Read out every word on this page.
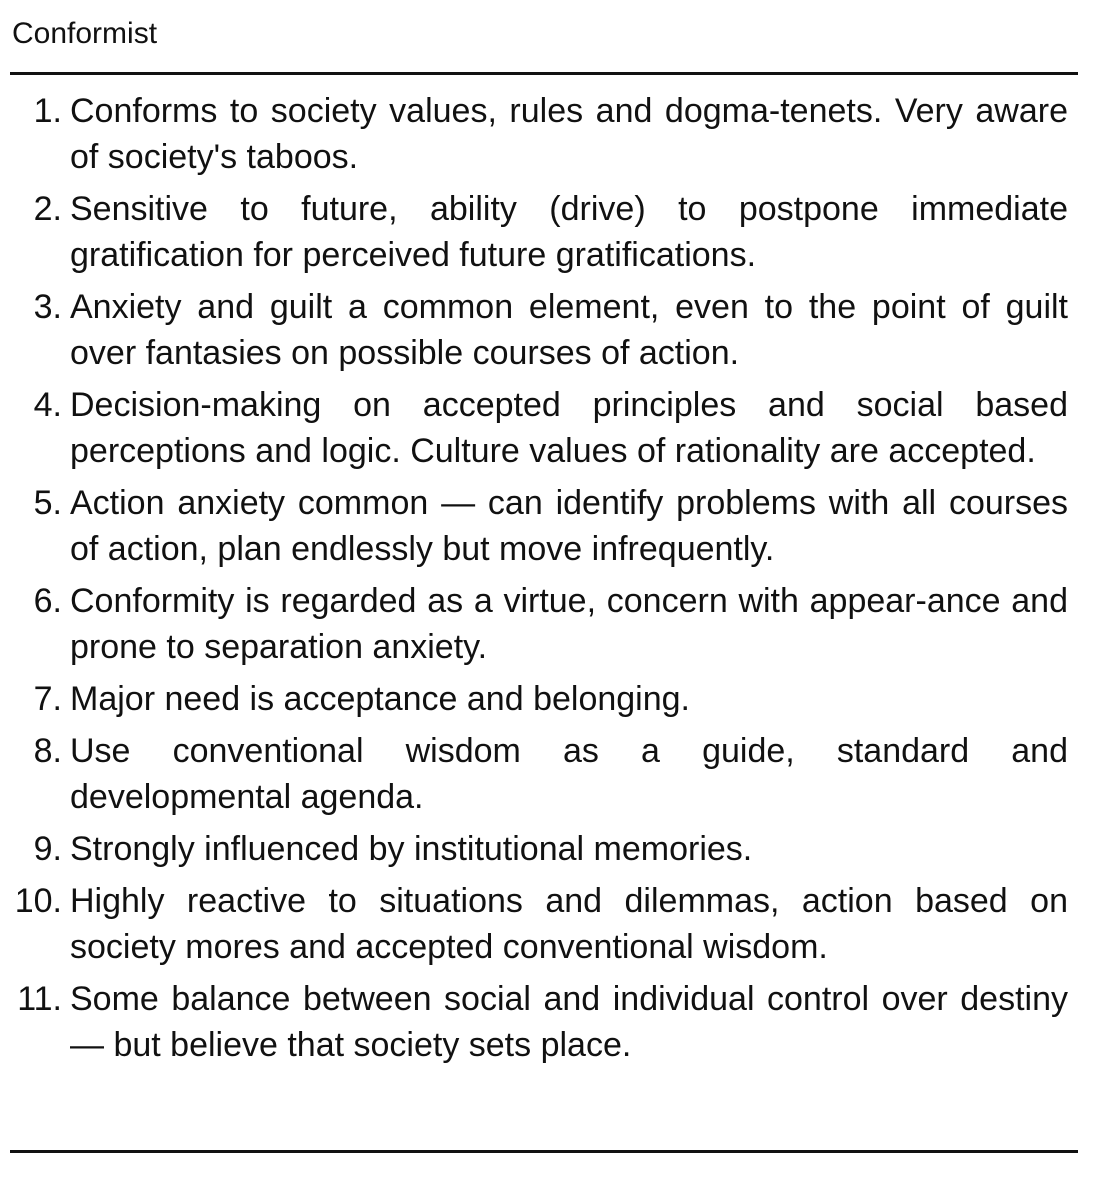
Conformist
1. Conforms to society values, rules and dogma-tenets. Very aware of society's taboos.
2. Sensitive to future, ability (drive) to postpone immediate gratification for perceived future gratifications.
3. Anxiety and guilt a common element, even to the point of guilt over fantasies on possible courses of action.
4. Decision-making on accepted principles and social based perceptions and logic. Culture values of rationality are accepted.
5. Action anxiety common — can identify problems with all courses of action, plan endlessly but move infrequently.
6. Conformity is regarded as a virtue, concern with appear-ance and prone to separation anxiety.
7. Major need is acceptance and belonging.
8. Use conventional wisdom as a guide, standard and developmental agenda.
9. Strongly influenced by institutional memories.
10. Highly reactive to situations and dilemmas, action based on society mores and accepted conventional wisdom.
11. Some balance between social and individual control over destiny — but believe that society sets place.
